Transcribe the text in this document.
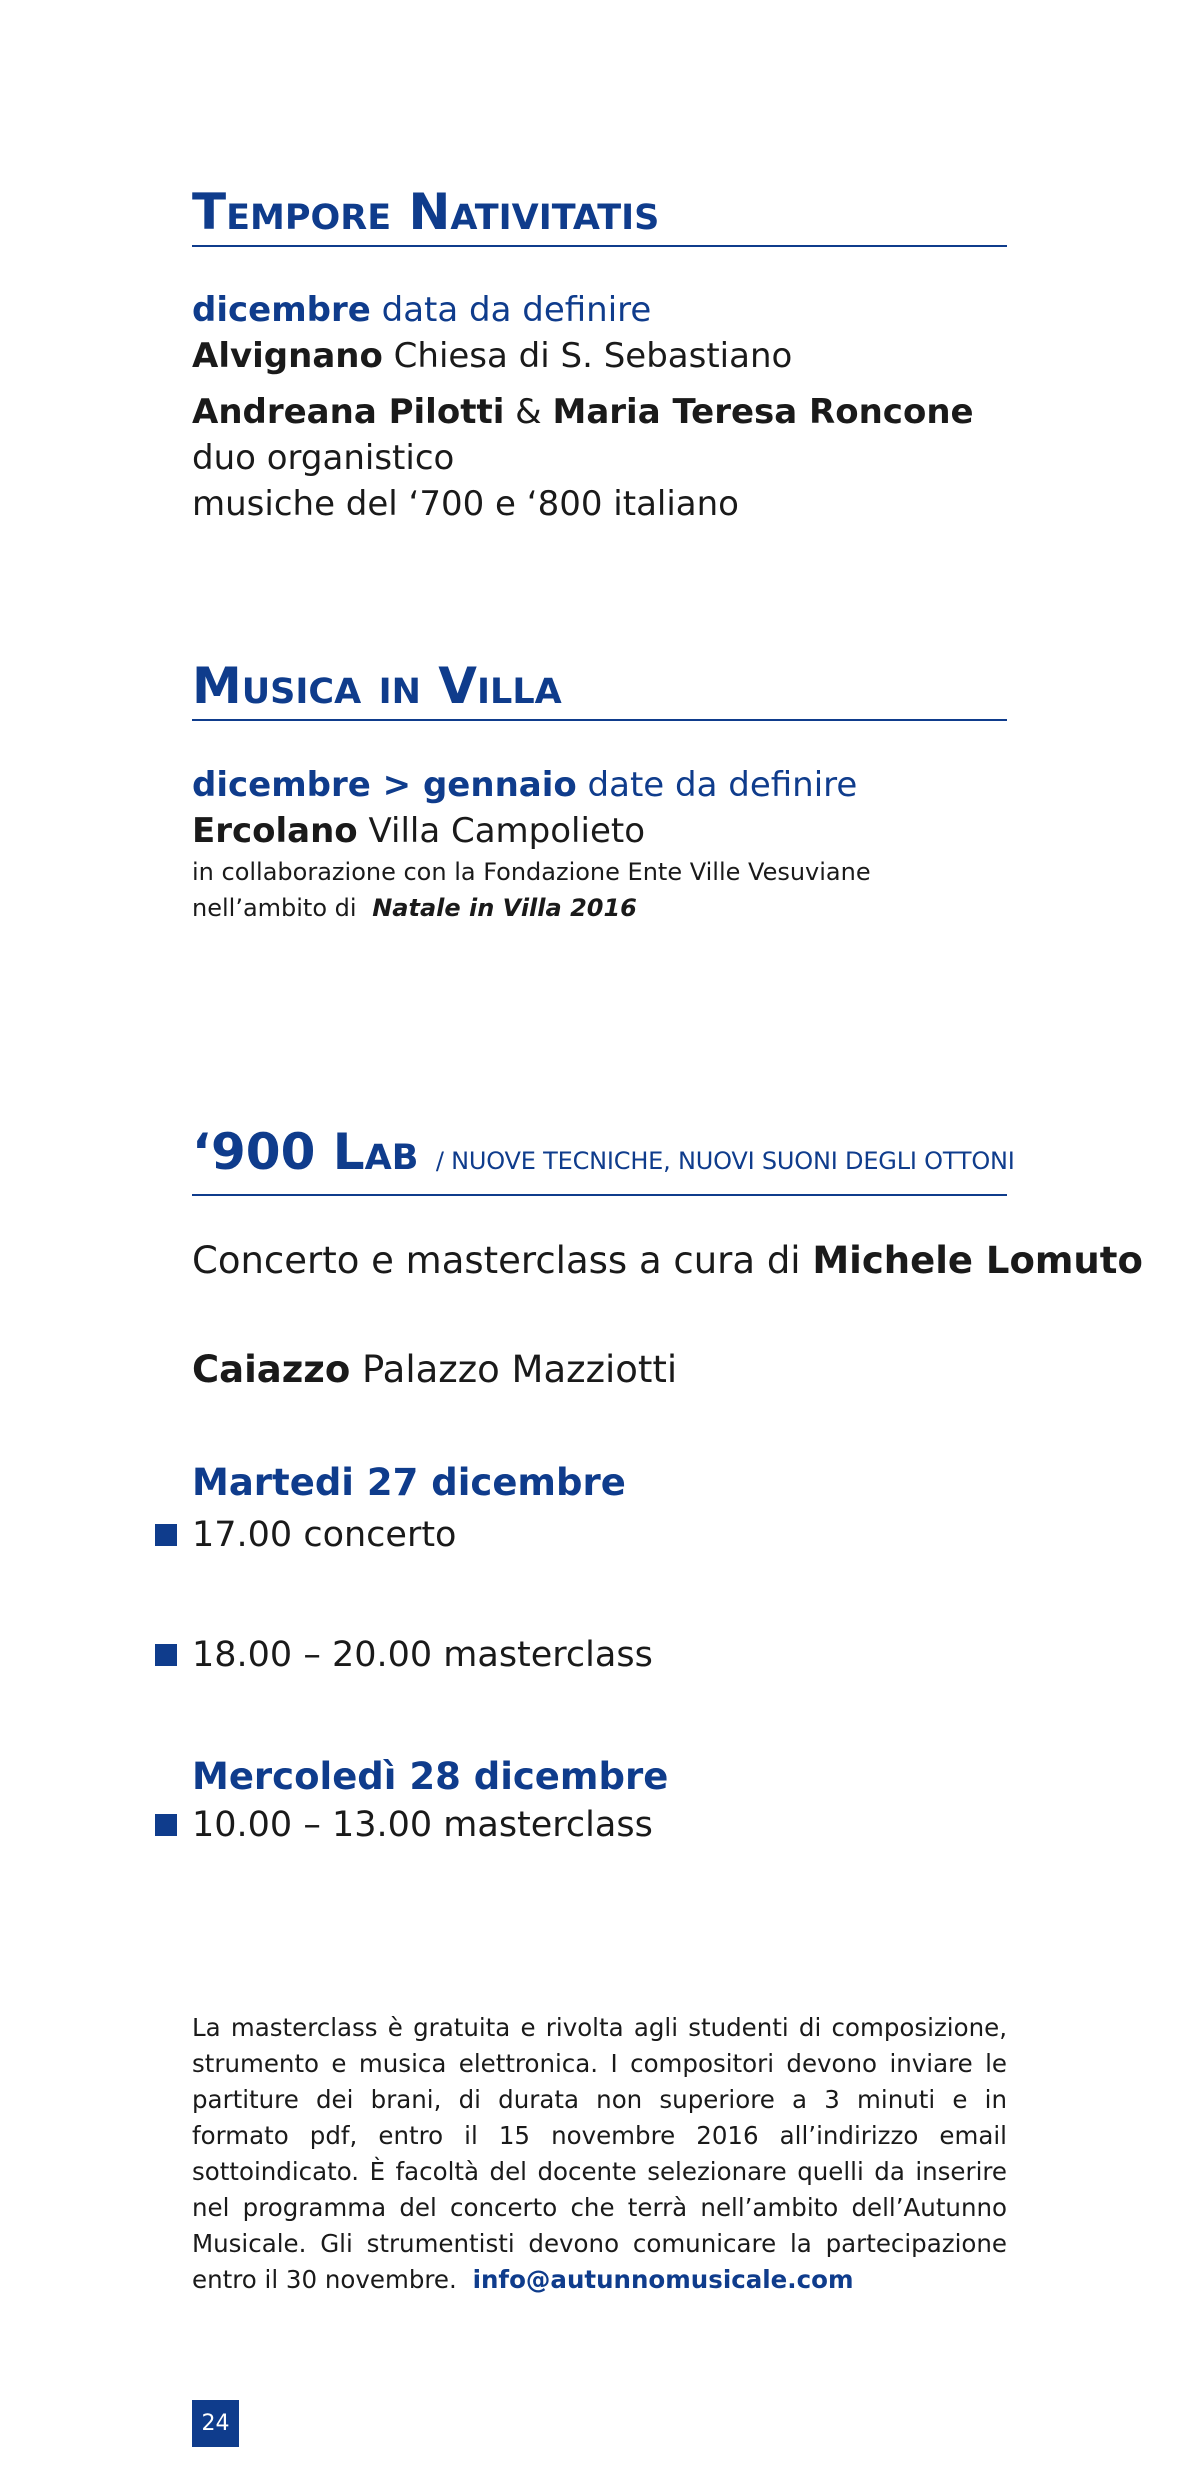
Tempore Nativitatis
dicembre data da definire
Alvignano Chiesa di S. Sebastiano
Andreana Pilotti & Maria Teresa Roncone
duo organistico
musiche del ‘700 e ‘800 italiano
Musica in Villa
dicembre > gennaio date da definire
Ercolano Villa Campolieto
in collaborazione con la Fondazione Ente Ville Vesuviane
nell’ambito di Natale in Villa 2016
‘900 Lab / NUOVE TECNICHE, NUOVI SUONI DEGLI OTTONI
Concerto e masterclass a cura di Michele Lomuto
Caiazzo Palazzo Mazziotti
Martedi 27 dicembre
17.00 concerto
18.00 – 20.00 masterclass
Mercoledì 28 dicembre
10.00 – 13.00 masterclass
La masterclass è gratuita e rivolta agli studenti di composizione, strumento e musica elettronica. I compositori devono inviare le partiture dei brani, di durata non superiore a 3 minuti e in formato pdf, entro il 15 novembre 2016 all’indirizzo email sottoindicato. È facoltà del docente selezionare quelli da inserire nel programma del concerto che terrà nell’ambito dell’Autunno Musicale. Gli strumentisti devono comunicare la partecipazione entro il 30 novembre. info@autunnomusicale.com
24
